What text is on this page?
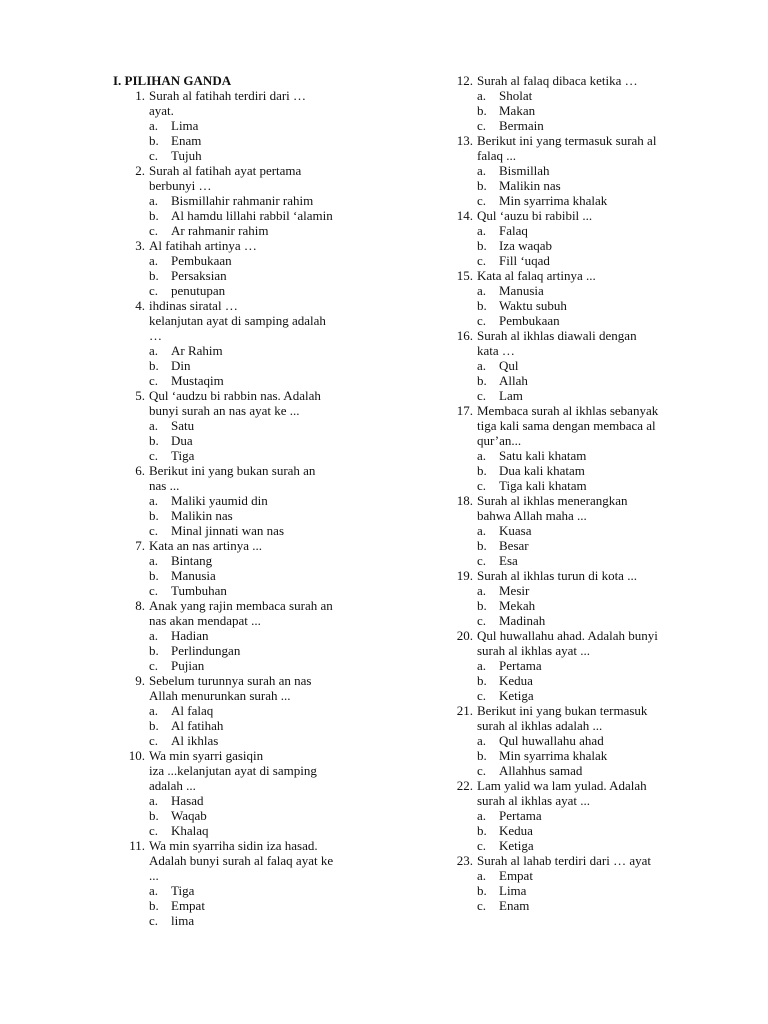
I. PILIHAN GANDA
1. Surah al fatihah terdiri dari …
ayat.
a. Lima
b. Enam
c. Tujuh
2. Surah al fatihah ayat pertama
berbunyi …
a. Bismillahir rahmanir rahim
b. Al hamdu lillahi rabbil ‘alamin
c. Ar rahmanir rahim
3. Al fatihah artinya …
a. Pembukaan
b. Persaksian
c. penutupan
4. ihdinas siratal …
kelanjutan ayat di samping adalah
…
a. Ar Rahim
b. Din
c. Mustaqim
5. Qul ‘audzu bi rabbin nas. Adalah
bunyi surah an nas ayat ke ...
a. Satu
b. Dua
c. Tiga
6. Berikut ini yang bukan surah an
nas ...
a. Maliki yaumid din
b. Malikin nas
c. Minal jinnati wan nas
7. Kata an nas artinya ...
a. Bintang
b. Manusia
c. Tumbuhan
8. Anak yang rajin membaca surah an
nas akan mendapat ...
a. Hadian
b. Perlindungan
c. Pujian
9. Sebelum turunnya surah an nas
Allah menurunkan surah ...
a. Al falaq
b. Al fatihah
c. Al ikhlas
10. Wa min syarri gasiqin
iza ...kelanjutan ayat di samping
adalah ...
a. Hasad
b. Waqab
c. Khalaq
11. Wa min syarriha sidin iza hasad.
Adalah bunyi surah al falaq ayat ke
...
a. Tiga
b. Empat
c. lima
12. Surah al falaq dibaca ketika …
a. Sholat
b. Makan
c. Bermain
13. Berikut ini yang termasuk surah al
falaq ...
a. Bismillah
b. Malikin nas
c. Min syarrima khalak
14. Qul ‘auzu bi rabibil ...
a. Falaq
b. Iza waqab
c. Fill ‘uqad
15. Kata al falaq artinya ...
a. Manusia
b. Waktu subuh
c. Pembukaan
16. Surah al ikhlas diawali dengan
kata …
a. Qul
b. Allah
c. Lam
17. Membaca surah al ikhlas sebanyak
tiga kali sama dengan membaca al
qur’an...
a. Satu kali khatam
b. Dua kali khatam
c. Tiga kali khatam
18. Surah al ikhlas menerangkan
bahwa Allah maha ...
a. Kuasa
b. Besar
c. Esa
19. Surah al ikhlas turun di kota ...
a. Mesir
b. Mekah
c. Madinah
20. Qul huwallahu ahad. Adalah bunyi
surah al ikhlas ayat ...
a. Pertama
b. Kedua
c. Ketiga
21. Berikut ini yang bukan termasuk
surah al ikhlas adalah ...
a. Qul huwallahu ahad
b. Min syarrima khalak
c. Allahhus samad
22. Lam yalid wa lam yulad. Adalah
surah al ikhlas ayat ...
a. Pertama
b. Kedua
c. Ketiga
23. Surah al lahab terdiri dari … ayat
a. Empat
b. Lima
c. Enam
